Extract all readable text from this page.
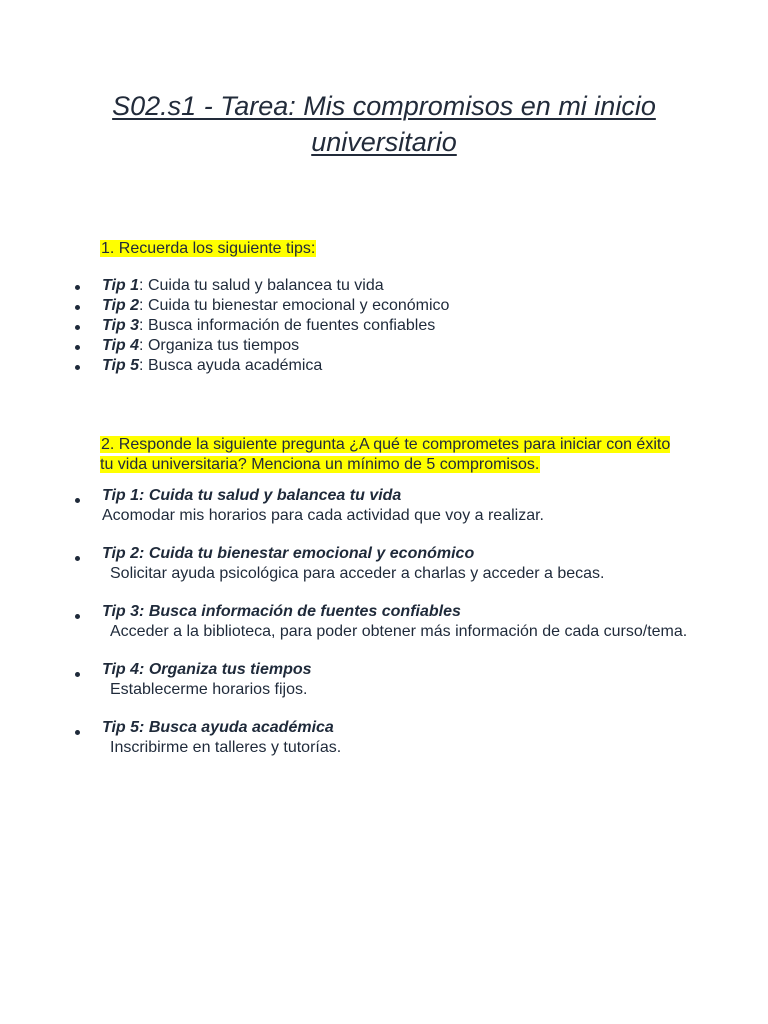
S02.s1 - Tarea: Mis compromisos en mi inicio universitario

1. Recuerda los siguiente tips:

Tip 1: Cuida tu salud y balancea tu vida
Tip 2: Cuida tu bienestar emocional y económico
Tip 3: Busca información de fuentes confiables
Tip 4: Organiza tus tiempos
Tip 5: Busca ayuda académica

2. Responde la siguiente pregunta ¿A qué te comprometes para iniciar con éxito tu vida universitaria? Menciona un mínimo de 5 compromisos.

Tip 1: Cuida tu salud y balancea tu vida
Acomodar mis horarios para cada actividad que voy a realizar.
Tip 2: Cuida tu bienestar emocional y económico
Solicitar ayuda psicológica para acceder a charlas y acceder a becas.
Tip 3: Busca información de fuentes confiables
Acceder a la biblioteca, para poder obtener más información de cada curso/tema.
Tip 4: Organiza tus tiempos
Establecerme horarios fijos.
Tip 5: Busca ayuda académica
Inscribirme en talleres y tutorías.
